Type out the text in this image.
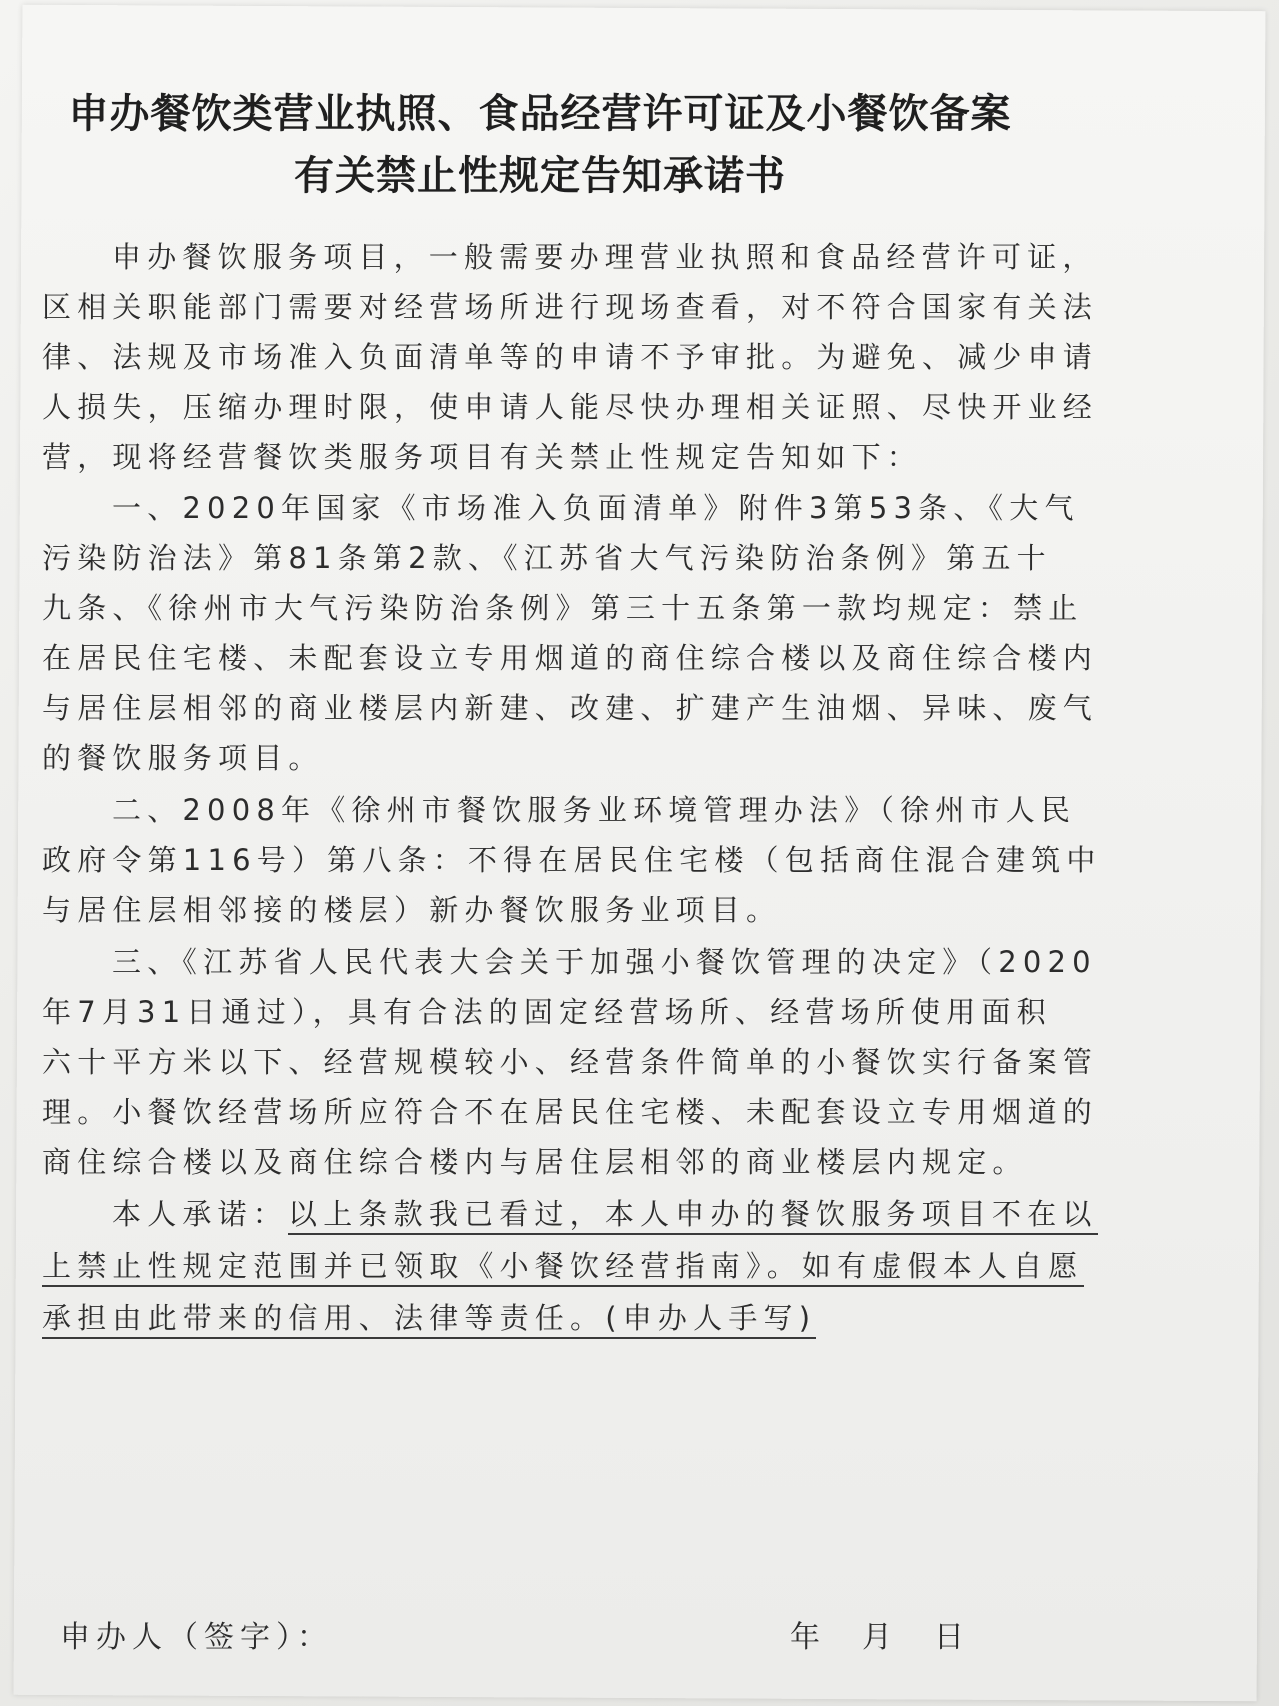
申办餐饮类营业执照、食品经营许可证及小餐饮备案
有关禁止性规定告知承诺书

申办餐饮服务项目，一般需要办理营业执照和食品经营许可证，

区相关职能部门需要对经营场所进行现场查看，对不符合国家有关法

律、法规及市场准入负面清单等的申请不予审批。为避免、减少申请

人损失，压缩办理时限，使申请人能尽快办理相关证照、尽快开业经

营，现将经营餐饮类服务项目有关禁止性规定告知如下：

一、2020年国家《市场准入负面清单》附件3第53条、《大气

污染防治法》第81条第2款、《江苏省大气污染防治条例》第五十

九条、《徐州市大气污染防治条例》第三十五条第一款均规定：禁止

在居民住宅楼、未配套设立专用烟道的商住综合楼以及商住综合楼内

与居住层相邻的商业楼层内新建、改建、扩建产生油烟、异味、废气

的餐饮服务项目。

二、2008年《徐州市餐饮服务业环境管理办法》（徐州市人民

政府令第116号）第八条：不得在居民住宅楼（包括商住混合建筑中

与居住层相邻接的楼层）新办餐饮服务业项目。

三、《江苏省人民代表大会关于加强小餐饮管理的决定》（2020

年7月31日通过），具有合法的固定经营场所、经营场所使用面积

六十平方米以下、经营规模较小、经营条件简单的小餐饮实行备案管

理。小餐饮经营场所应符合不在居民住宅楼、未配套设立专用烟道的

商住综合楼以及商住综合楼内与居住层相邻的商业楼层内规定。

本人承诺：以上条款我已看过，本人申办的餐饮服务项目不在以

上禁止性规定范围并已领取《小餐饮经营指南》。如有虚假本人自愿

承担由此带来的信用、法律等责任。(申办人手写)

申办人（签字）：	年　月　日
